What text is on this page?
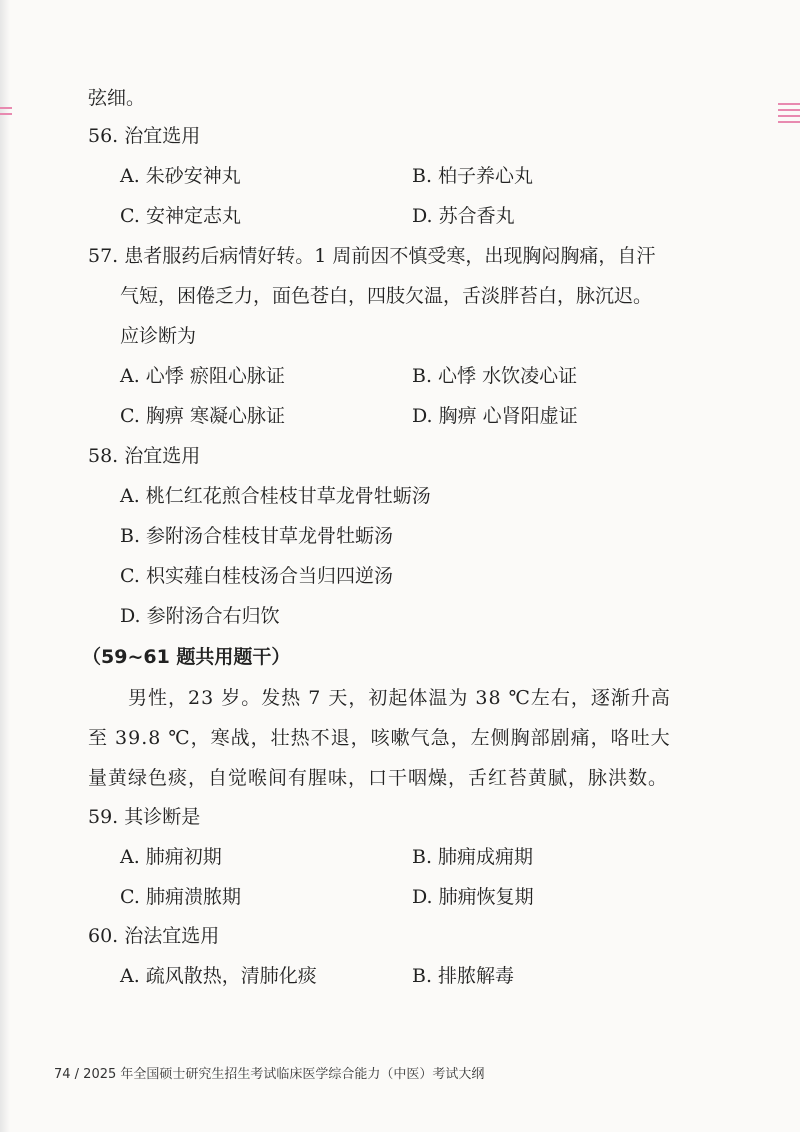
弦细。
56. 治宜选用
A. 朱砂安神丸	B. 柏子养心丸
C. 安神定志丸	D. 苏合香丸
57. 患者服药后病情好转。1 周前因不慎受寒，出现胸闷胸痛，自汗
气短，困倦乏力，面色苍白，四肢欠温，舌淡胖苔白，脉沉迟。
应诊断为
A. 心悸 瘀阻心脉证	B. 心悸 水饮凌心证
C. 胸痹 寒凝心脉证	D. 胸痹 心肾阳虚证
58. 治宜选用
A. 桃仁红花煎合桂枝甘草龙骨牡蛎汤
B. 参附汤合桂枝甘草龙骨牡蛎汤
C. 枳实薤白桂枝汤合当归四逆汤
D. 参附汤合右归饮
（59~61 题共用题干）
男性，23 岁。发热 7 天，初起体温为 38 ℃左右，逐渐升高
至 39.8 ℃，寒战，壮热不退，咳嗽气急，左侧胸部剧痛，咯吐大
量黄绿色痰，自觉喉间有腥味，口干咽燥，舌红苔黄腻，脉洪数。
59. 其诊断是
A. 肺痈初期	B. 肺痈成痈期
C. 肺痈溃脓期	D. 肺痈恢复期
60. 治法宜选用
A. 疏风散热，清肺化痰	B. 排脓解毒
74 / 2025 年全国硕士研究生招生考试临床医学综合能力（中医）考试大纲
